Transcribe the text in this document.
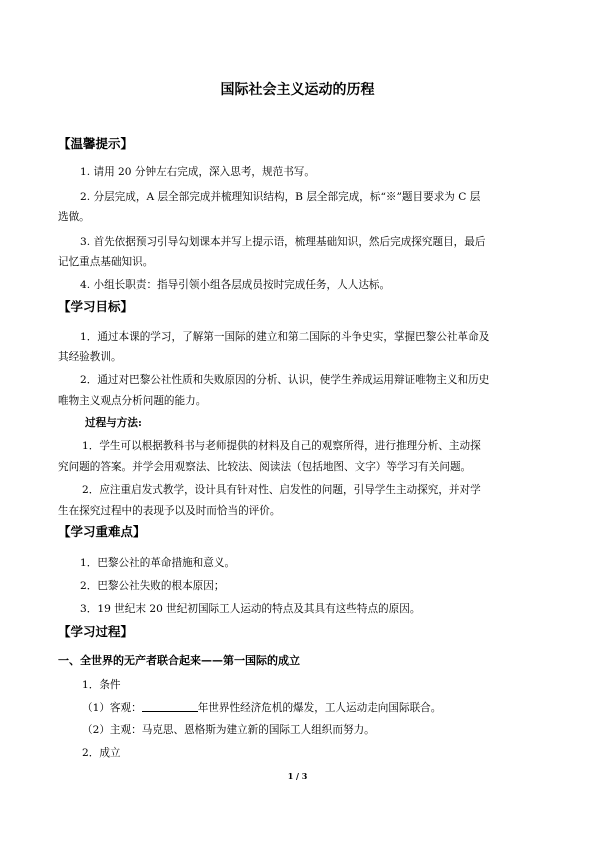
国际社会主义运动的历程
【温馨提示】
1. 请用 20 分钟左右完成，深入思考，规范书写。
2. 分层完成，A 层全部完成并梳理知识结构，B 层全部完成，标“※”题目要求为 C 层
选做。
3. 首先依据预习引导勾划课本并写上提示语，梳理基础知识，然后完成探究题目，最后
记忆重点基础知识。
4. 小组长职责：指导引领小组各层成员按时完成任务，人人达标。
【学习目标】
1．通过本课的学习，了解第一国际的建立和第二国际的斗争史实，掌握巴黎公社革命及
其经验教训。
2．通过对巴黎公社性质和失败原因的分析、认识，使学生养成运用辩证唯物主义和历史
唯物主义观点分析问题的能力。
过程与方法:
1．学生可以根据教科书与老师提供的材料及自己的观察所得，进行推理分析、主动探
究问题的答案。并学会用观察法、比较法、阅读法（包括地图、文字）等学习有关问题。
2．应注重启发式教学，设计具有针对性、启发性的问题，引导学生主动探究，并对学
生在探究过程中的表现予以及时而恰当的评价。
【学习重难点】
1．巴黎公社的革命措施和意义。
2．巴黎公社失败的根本原因；
3．19 世纪末 20 世纪初国际工人运动的特点及其具有这些特点的原因。
【学习过程】
一、全世界的无产者联合起来——第一国际的成立
1．条件
（1）客观：	年世界性经济危机的爆发，工人运动走向国际联合。
（2）主观：马克思、恩格斯为建立新的国际工人组织而努力。
2．成立
1 / 3
